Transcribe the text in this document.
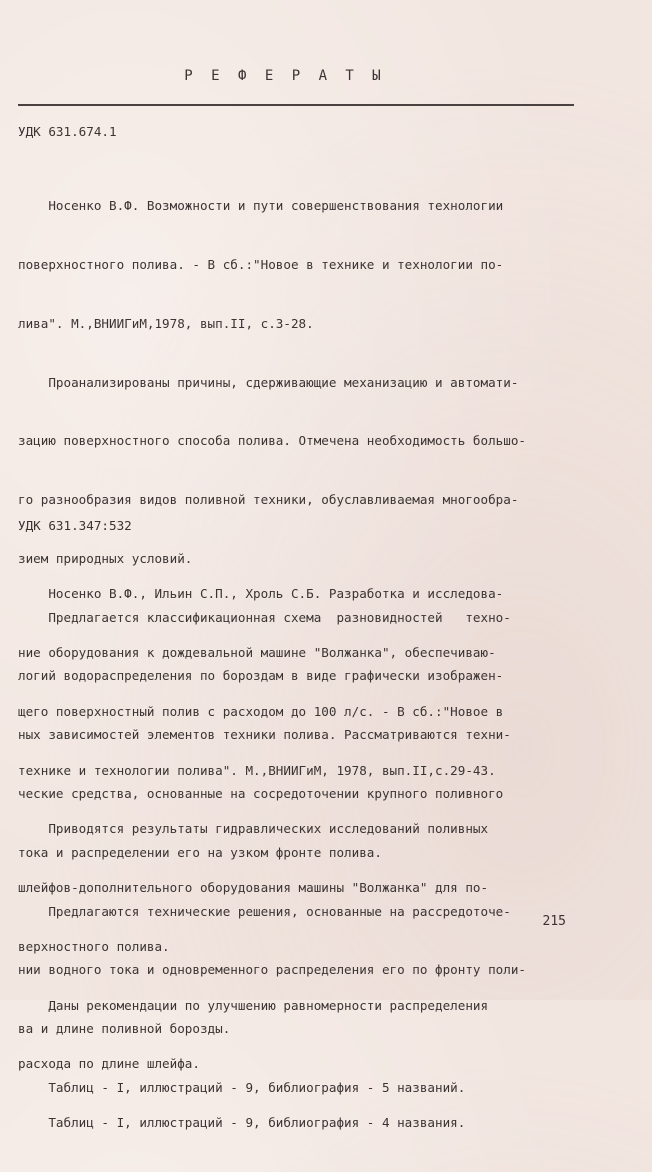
Р Е Ф Е Р А Т Ы
УДК 631.674.1

Носенко В.Ф. Возможности и пути совершенствования технологии

поверхностного полива. - В сб.:"Новое в технике и технологии по-

лива". М.,ВНИИГиМ,1978, вып.II, с.3-28.

Проанализированы причины, сдерживающие механизацию и автомати-

зацию поверхностного способа полива. Отмечена необходимость большо-

го разнообразия видов поливной техники, обуславливаемая многообра-

зием природных условий.

Предлагается классификационная схема  разновидностей   техно-

логий водораспределения по бороздам в виде графически изображен-

ных зависимостей элементов техники полива. Рассматриваются техни-

ческие средства, основанные на сосредоточении крупного поливного

тока и распределении его на узком фронте полива.

Предлагаются технические решения, основанные на рассредоточе-

нии водного тока и одновременного распределения его по фронту поли-

ва и длине поливной борозды.

Таблиц - I, иллюстраций - 9, библиография - 5 названий.

УДК 631.347:532

Носенко В.Ф., Ильин С.П., Хроль С.Б. Разработка и исследова-

ние оборудования к дождевальной машине "Волжанка", обеспечиваю-

щего поверхностный полив с расходом до 100 л/с. - В сб.:"Новое в

технике и технологии полива". М.,ВНИИГиМ, 1978, вып.II,с.29-43.

Приводятся результаты гидравлических исследований поливных

шлейфов-дополнительного оборудования машины "Волжанка" для по-

верхностного полива.

Даны рекомендации по улучшению равномерности распределения

расхода по длине шлейфа.

Таблиц - I, иллюстраций - 9, библиография - 4 названия.

215
